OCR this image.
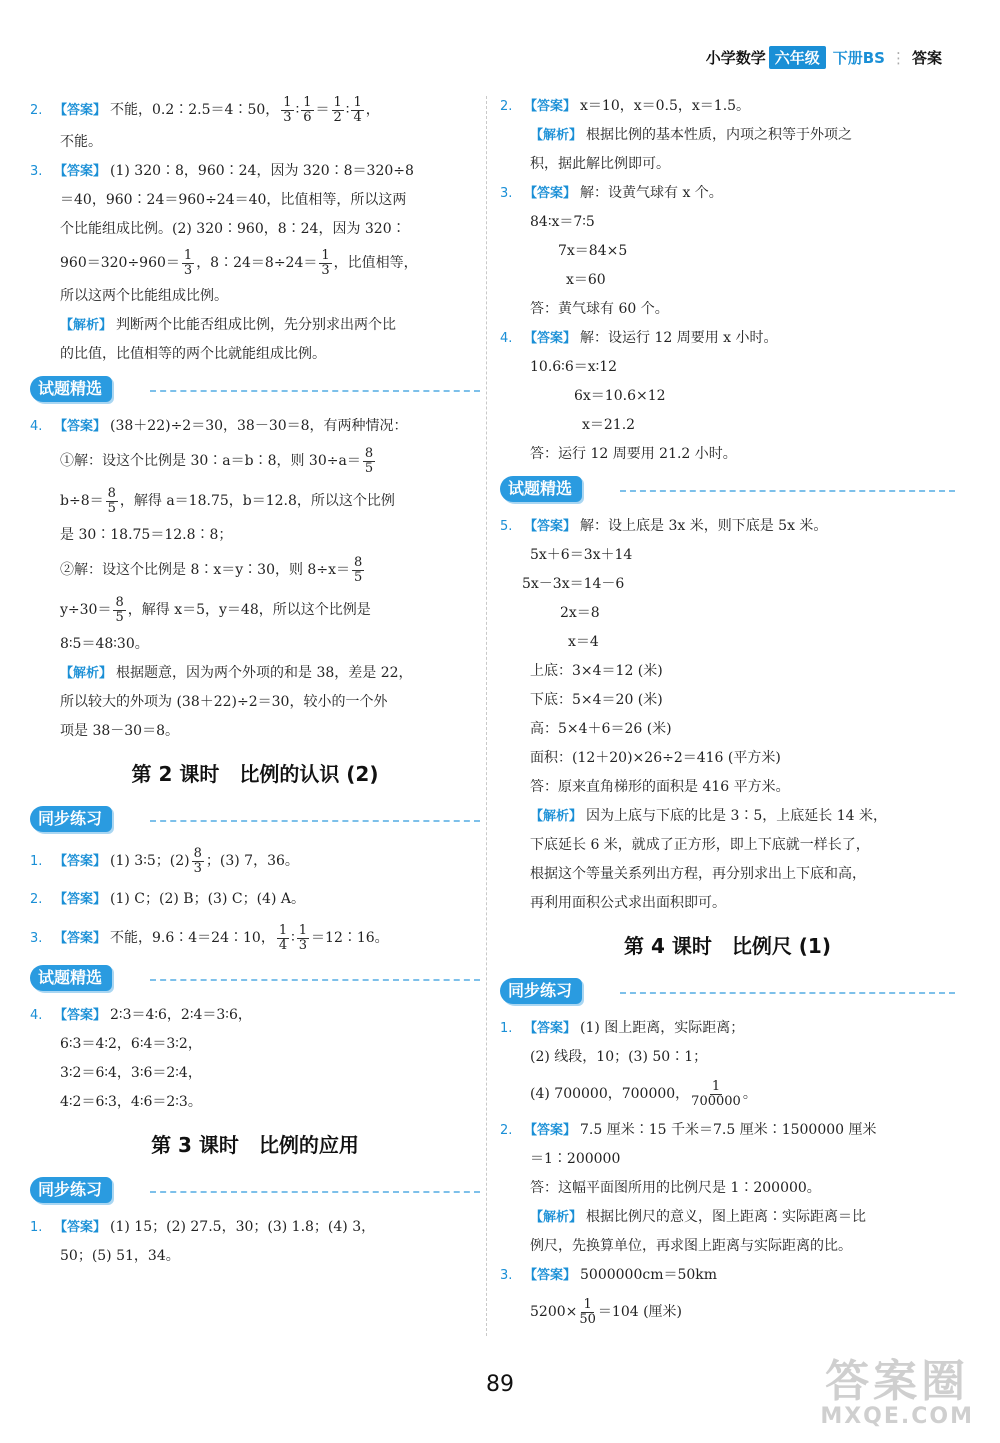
小学数学 六年级 下册BS ⋮ 答案
2. 【答案】 不能，0.2∶2.5＝4∶50， $\frac{1}{3}$ ∶ $\frac{1}{6} = \frac{1}{2}$ ∶ $\frac{1}{4}$ ，
不能。
3. 【答案】 (1) 320∶8，960∶24，因为 320∶8＝320÷8
＝40，960∶24＝960÷24＝40，比值相等，所以这两
个比能组成比例。(2) 320∶960，8∶24，因为 320∶
$960=320\div 960= \frac{1}{3}$ ，8∶24＝8÷24＝ $\frac{1}{3}$ ，比值相等，
所以这两个比能组成比例。
【解析】 判断两个比能否组成比例，先分别求出两个比
的比值，比值相等的两个比就能组成比例。
试题精选
4. 【答案】 (38＋22)÷2＝30，38－30＝8，有两种情况：
①解：设这个比例是 30∶a＝b∶8，则 $30\div a= \frac{8}{5}$
$b\div 8= \frac{8}{5}$ ，解得 a＝18.75，b＝12.8，所以这个比例
是 30∶18.75＝12.8∶8；
②解：设这个比例是 8∶x＝y∶30，则 $8\div x= \frac{8}{5}$
$y\div 30= \frac{8}{5}$ ，解得 x＝5，y＝48，所以这个比例是
8∶5＝48∶30。
【解析】 根据题意，因为两个外项的和是 38，差是 22，
所以较大的外项为 (38＋22)÷2＝30，较小的一个外
项是 38－30＝8。
第 2 课时　比例的认识 (2)
同步练习
1. 【答案】 (1) 3∶5；$(2) \frac{8}{3}$ ；(3) 7，36。
2. 【答案】 (1) C；(2) B；(3) C；(4) A。
3. 【答案】 不能，9.6∶4＝24∶10， $\frac{1}{4}$ ∶ $\frac{1}{3}$ ＝12∶16。
试题精选
4. 【答案】 2∶3＝4∶6，2∶4＝3∶6，
6∶3＝4∶2，6∶4＝3∶2，
3∶2＝6∶4，3∶6＝2∶4，
4∶2＝6∶3，4∶6＝2∶3。
第 3 课时　比例的应用
同步练习
1. 【答案】 (1) 15；(2) 27.5，30；(3) 1.8；(4) 3，
50；(5) 51，34。
2. 【答案】 x＝10，x＝0.5，x＝1.5。
【解析】 根据比例的基本性质，内项之积等于外项之
积，据此解比例即可。
3. 【答案】 解：设黄气球有 x 个。
84∶x＝7∶5
7x＝84×5
x＝60
答：黄气球有 60 个。
4. 【答案】 解：设运行 12 周要用 x 小时。
10.6∶6＝x∶12
6x＝10.6×12
x＝21.2
答：运行 12 周要用 21.2 小时。
试题精选
5. 【答案】 解：设上底是 3x 米，则下底是 5x 米。
5x＋6＝3x＋14
5x－3x＝14－6
2x＝8
x＝4
上底：3×4＝12 (米)
下底：5×4＝20 (米)
高：5×4＋6＝26 (米)
面积：(12＋20)×26÷2＝416 (平方米)
答：原来直角梯形的面积是 416 平方米。
【解析】 因为上底与下底的比是 3∶5，上底延长 14 米，
下底延长 6 米，就成了正方形，即上下底就一样长了，
根据这个等量关系列出方程，再分别求出上下底和高，
再利用面积公式求出面积即可。
第 4 课时　比例尺 (1)
同步练习
1. 【答案】 (1) 图上距离，实际距离；
(2) 线段，10；(3) 50∶1；
(4) 700000，700000， $\frac{1}{700000}$ 。
2. 【答案】 7.5 厘米∶15 千米＝7.5 厘米∶1500000 厘米
＝1∶200000
答：这幅平面图所用的比例尺是 1∶200000。
【解析】 根据比例尺的意义，图上距离∶实际距离＝比
例尺，先换算单位，再求图上距离与实际距离的比。
3. 【答案】 5000000cm＝50km
$5200\times \frac{1}{50} =104$ (厘米)
89	答案圈
MXQE.COM
